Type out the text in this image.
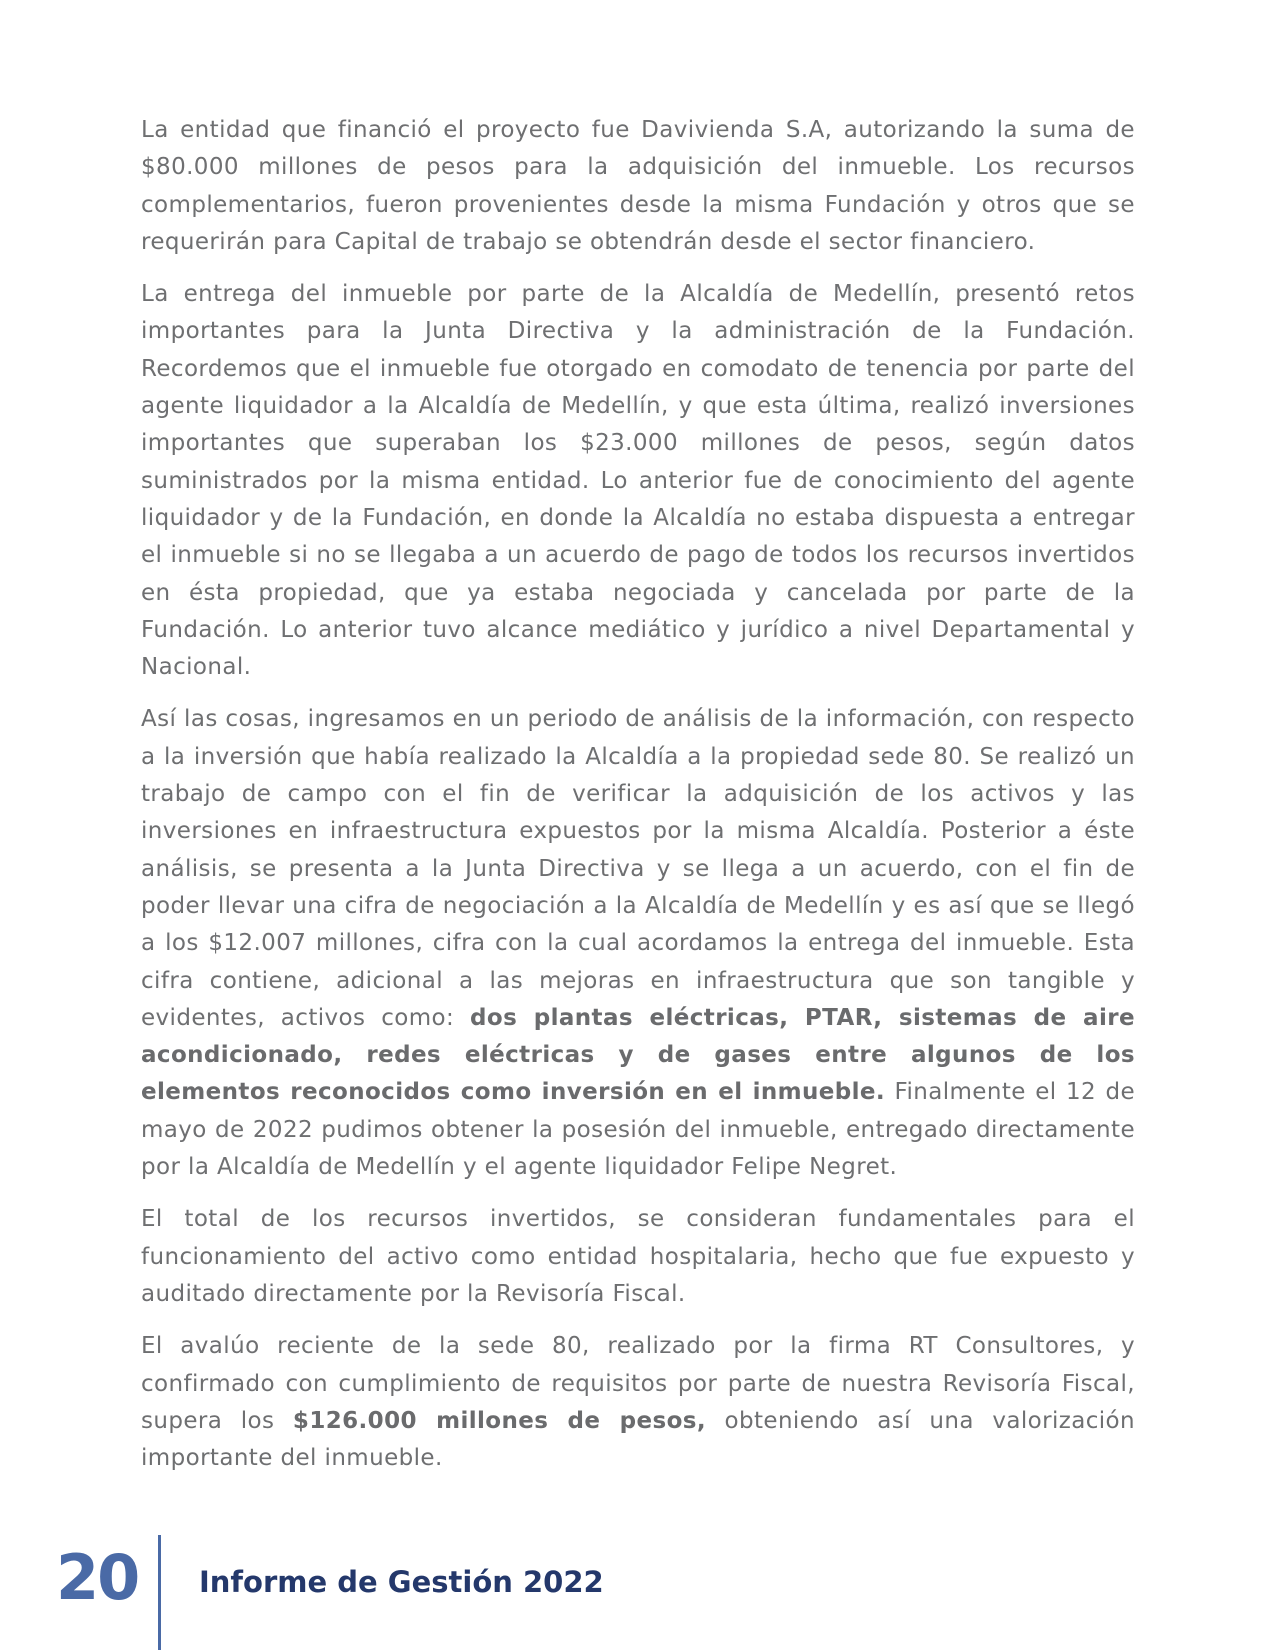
La entidad que financió el proyecto fue Davivienda S.A, autorizando la suma de $80.000 millones de pesos para la adquisición del inmueble. Los recursos complementarios, fueron provenientes desde la misma Fundación y otros que se requerirán para Capital de trabajo se obtendrán desde el sector financiero.

La entrega del inmueble por parte de la Alcaldía de Medellín, presentó retos importantes para la Junta Directiva y la administración de la Fundación. Recordemos que el inmueble fue otorgado en comodato de tenencia por parte del agente liquidador a la Alcaldía de Medellín, y que esta última, realizó inversiones importantes que superaban los $23.000 millones de pesos, según datos suministrados por la misma entidad. Lo anterior fue de conocimiento del agente liquidador y de la Fundación, en donde la Alcaldía no estaba dispuesta a entregar el inmueble si no se llegaba a un acuerdo de pago de todos los recursos invertidos en ésta propiedad, que ya estaba negociada y cancelada por parte de la Fundación. Lo anterior tuvo alcance mediático y jurídico a nivel Departamental y Nacional.

Así las cosas, ingresamos en un periodo de análisis de la información, con respecto a la inversión que había realizado la Alcaldía a la propiedad sede 80. Se realizó un trabajo de campo con el fin de verificar la adquisición de los activos y las inversiones en infraestructura expuestos por la misma Alcaldía. Posterior a éste análisis, se presenta a la Junta Directiva y se llega a un acuerdo, con el fin de poder llevar una cifra de negociación a la Alcaldía de Medellín y es así que se llegó a los $12.007 millones, cifra con la cual acordamos la entrega del inmueble. Esta cifra contiene, adicional a las mejoras en infraestructura que son tangible y evidentes, activos como: dos plantas eléctricas, PTAR, sistemas de aire acondicionado, redes eléctricas y de gases entre algunos de los elementos reconocidos como inversión en el inmueble. Finalmente el 12 de mayo de 2022 pudimos obtener la posesión del inmueble, entregado directamente por la Alcaldía de Medellín y el agente liquidador Felipe Negret.

El total de los recursos invertidos, se consideran fundamentales para el funcionamiento del activo como entidad hospitalaria, hecho que fue expuesto y auditado directamente por la Revisoría Fiscal.

El avalúo reciente de la sede 80, realizado por la firma RT Consultores, y confirmado con cumplimiento de requisitos por parte de nuestra Revisoría Fiscal, supera los $126.000 millones de pesos, obteniendo así una valorización importante del inmueble.

20 Informe de Gestión 2022
